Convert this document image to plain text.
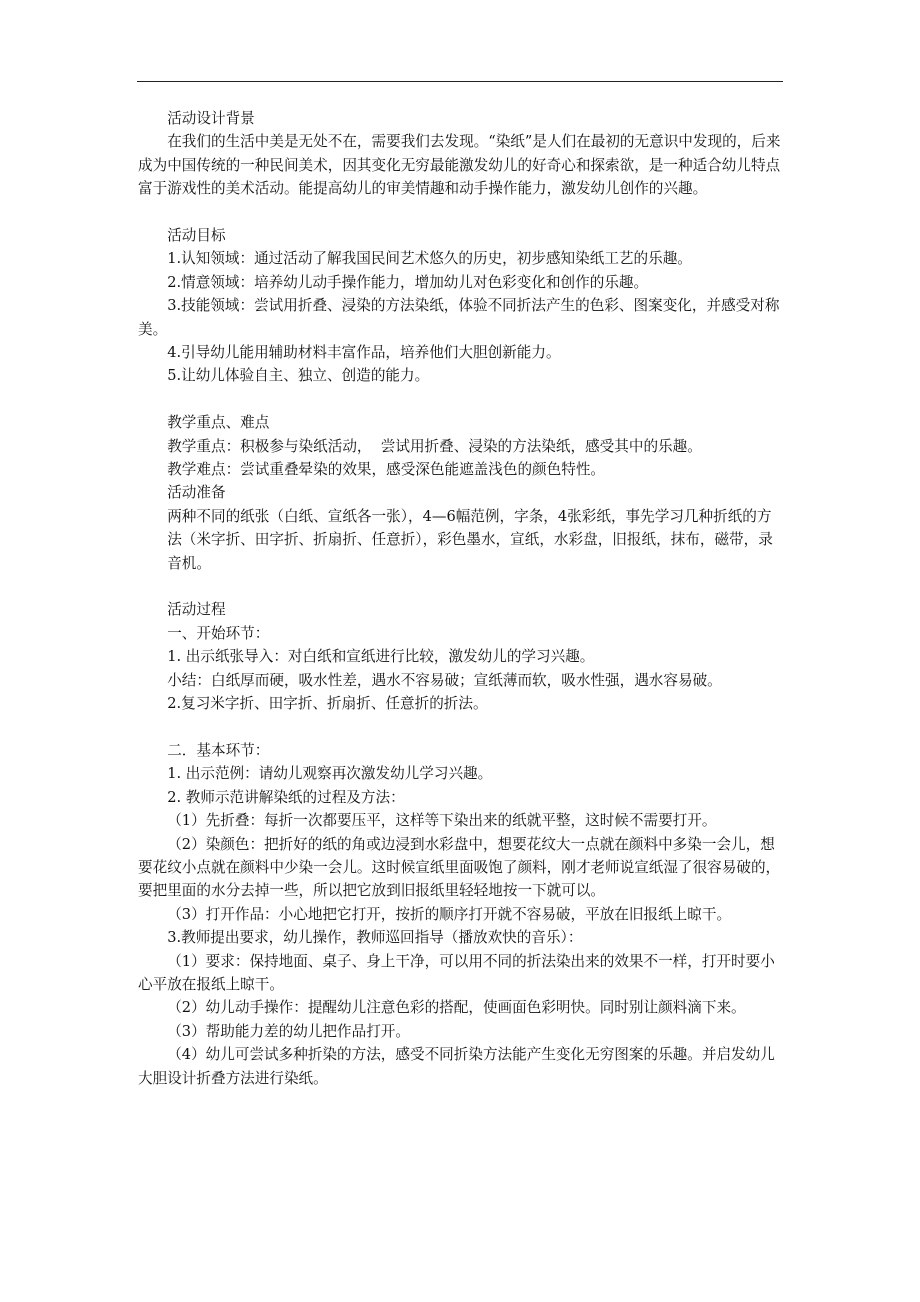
活动设计背景

在我们的生活中美是无处不在，需要我们去发现。“染纸”是人们在最初的无意识中发现的，后来成为中国传统的一种民间美术，因其变化无穷最能激发幼儿的好奇心和探索欲，是一种适合幼儿特点富于游戏性的美术活动。能提高幼儿的审美情趣和动手操作能力，激发幼儿创作的兴趣。

活动目标

1.认知领域：通过活动了解我国民间艺术悠久的历史，初步感知染纸工艺的乐趣。

2.情意领域：培养幼儿动手操作能力，增加幼儿对色彩变化和创作的乐趣。

3.技能领域：尝试用折叠、浸染的方法染纸，体验不同折法产生的色彩、图案变化，并感受对称美。

4.引导幼儿能用辅助材料丰富作品，培养他们大胆创新能力。

5.让幼儿体验自主、独立、创造的能力。

教学重点、难点

教学重点：积极参与染纸活动，  尝试用折叠、浸染的方法染纸，感受其中的乐趣。

教学难点：尝试重叠晕染的效果，感受深色能遮盖浅色的颜色特性。

活动准备

两种不同的纸张（白纸、宣纸各一张），4—6幅范例，字条，4张彩纸，事先学习几种折纸的方法（米字折、田字折、折扇折、任意折），彩色墨水，宣纸，水彩盘，旧报纸，抹布，磁带，录音机。

活动过程

一、开始环节：

1. 出示纸张导入：对白纸和宣纸进行比较，激发幼儿的学习兴趣。

小结：白纸厚而硬，吸水性差，遇水不容易破；宣纸薄而软，吸水性强，遇水容易破。

2.复习米字折、田字折、折扇折、任意折的折法。

二．基本环节：

1. 出示范例：请幼儿观察再次激发幼儿学习兴趣。

2. 教师示范讲解染纸的过程及方法：

（1）先折叠：每折一次都要压平，这样等下染出来的纸就平整，这时候不需要打开。

（2）染颜色：把折好的纸的角或边浸到水彩盘中，想要花纹大一点就在颜料中多染一会儿，想要花纹小点就在颜料中少染一会儿。这时候宣纸里面吸饱了颜料，刚才老师说宣纸湿了很容易破的，要把里面的水分去掉一些，所以把它放到旧报纸里轻轻地按一下就可以。

（3）打开作品：小心地把它打开，按折的顺序打开就不容易破，平放在旧报纸上晾干。

3.教师提出要求，幼儿操作，教师巡回指导（播放欢快的音乐）：

（1）要求：保持地面、桌子、身上干净，可以用不同的折法染出来的效果不一样，打开时要小心平放在报纸上晾干。

（2）幼儿动手操作：提醒幼儿注意色彩的搭配，使画面色彩明快。同时别让颜料滴下来。

（3）帮助能力差的幼儿把作品打开。

（4）幼儿可尝试多种折染的方法，感受不同折染方法能产生变化无穷图案的乐趣。并启发幼儿大胆设计折叠方法进行染纸。
